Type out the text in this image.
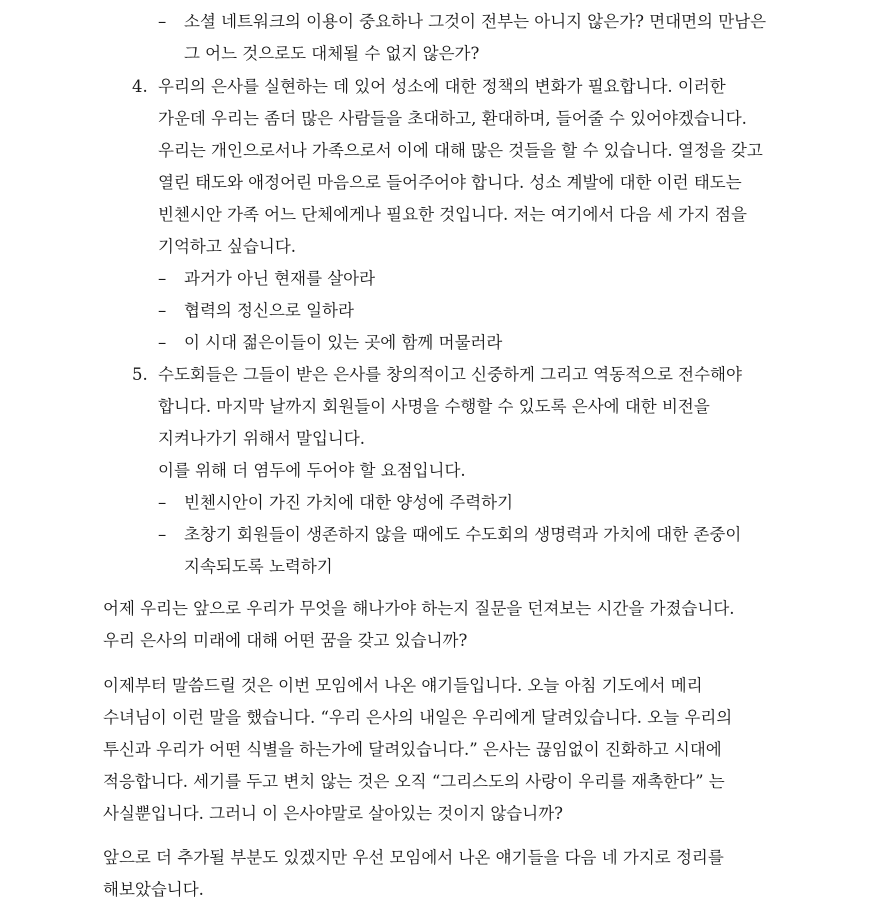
– 소셜 네트워크의 이용이 중요하나 그것이 전부는 아니지 않은가? 면대면의 만남은
그 어느 것으로도 대체될 수 없지 않은가?
4. 우리의 은사를 실현하는 데 있어 성소에 대한 정책의 변화가 필요합니다. 이러한
가운데 우리는 좀더 많은 사람들을 초대하고, 환대하며, 들어줄 수 있어야겠습니다.
우리는 개인으로서나 가족으로서 이에 대해 많은 것들을 할 수 있습니다. 열정을 갖고
열린 태도와 애정어린 마음으로 들어주어야 합니다. 성소 계발에 대한 이런 태도는
빈첸시안 가족 어느 단체에게나 필요한 것입니다. 저는 여기에서 다음 세 가지 점을
기억하고 싶습니다.
– 과거가 아닌 현재를 살아라
– 협력의 정신으로 일하라
– 이 시대 젊은이들이 있는 곳에 함께 머물러라
5. 수도회들은 그들이 받은 은사를 창의적이고 신중하게 그리고 역동적으로 전수해야
합니다. 마지막 날까지 회원들이 사명을 수행할 수 있도록 은사에 대한 비전을
지켜나가기 위해서 말입니다.
이를 위해 더 염두에 두어야 할 요점입니다.
– 빈첸시안이 가진 가치에 대한 양성에 주력하기
– 초창기 회원들이 생존하지 않을 때에도 수도회의 생명력과 가치에 대한 존중이
지속되도록 노력하기
어제 우리는 앞으로 우리가 무엇을 해나가야 하는지 질문을 던져보는 시간을 가졌습니다.
우리 은사의 미래에 대해 어떤 꿈을 갖고 있습니까?
이제부터 말씀드릴 것은 이번 모임에서 나온 얘기들입니다. 오늘 아침 기도에서 메리
수녀님이 이런 말을 했습니다. “우리 은사의 내일은 우리에게 달려있습니다. 오늘 우리의
투신과 우리가 어떤 식별을 하는가에 달려있습니다.” 은사는 끊임없이 진화하고 시대에
적응합니다. 세기를 두고 변치 않는 것은 오직 “그리스도의 사랑이 우리를 재촉한다” 는
사실뿐입니다. 그러니 이 은사야말로 살아있는 것이지 않습니까?
앞으로 더 추가될 부분도 있겠지만 우선 모임에서 나온 얘기들을 다음 네 가지로 정리를
해보았습니다.
